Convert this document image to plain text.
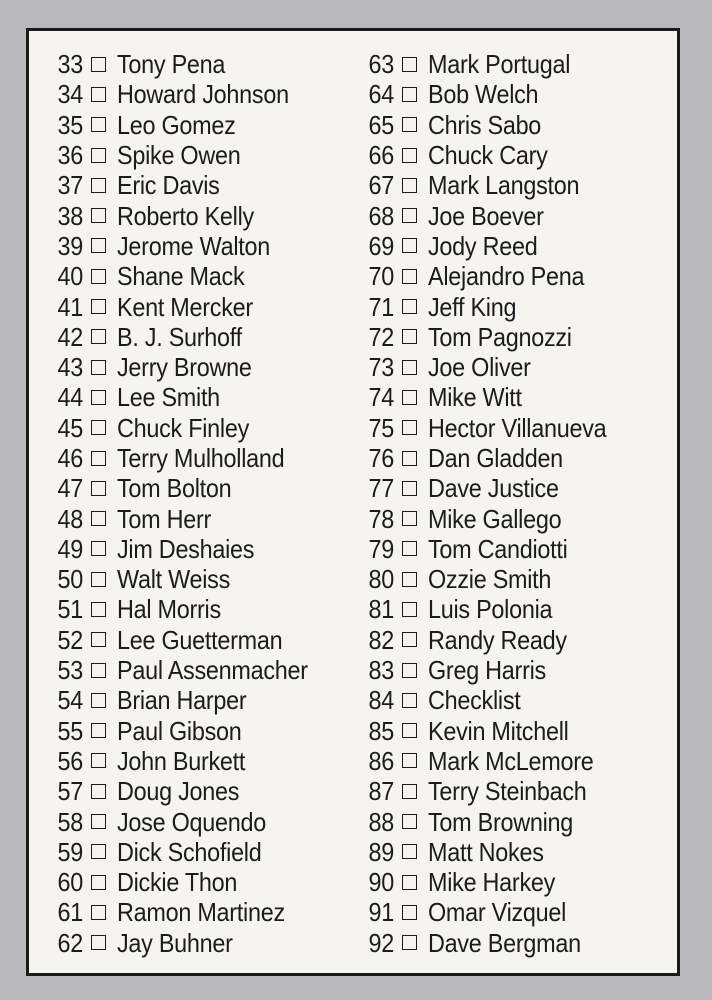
33 Tony Pena
34 Howard Johnson
35 Leo Gomez
36 Spike Owen
37 Eric Davis
38 Roberto Kelly
39 Jerome Walton
40 Shane Mack
41 Kent Mercker
42 B. J. Surhoff
43 Jerry Browne
44 Lee Smith
45 Chuck Finley
46 Terry Mulholland
47 Tom Bolton
48 Tom Herr
49 Jim Deshaies
50 Walt Weiss
51 Hal Morris
52 Lee Guetterman
53 Paul Assenmacher
54 Brian Harper
55 Paul Gibson
56 John Burkett
57 Doug Jones
58 Jose Oquendo
59 Dick Schofield
60 Dickie Thon
61 Ramon Martinez
62 Jay Buhner
63 Mark Portugal
64 Bob Welch
65 Chris Sabo
66 Chuck Cary
67 Mark Langston
68 Joe Boever
69 Jody Reed
70 Alejandro Pena
71 Jeff King
72 Tom Pagnozzi
73 Joe Oliver
74 Mike Witt
75 Hector Villanueva
76 Dan Gladden
77 Dave Justice
78 Mike Gallego
79 Tom Candiotti
80 Ozzie Smith
81 Luis Polonia
82 Randy Ready
83 Greg Harris
84 Checklist
85 Kevin Mitchell
86 Mark McLemore
87 Terry Steinbach
88 Tom Browning
89 Matt Nokes
90 Mike Harkey
91 Omar Vizquel
92 Dave Bergman
